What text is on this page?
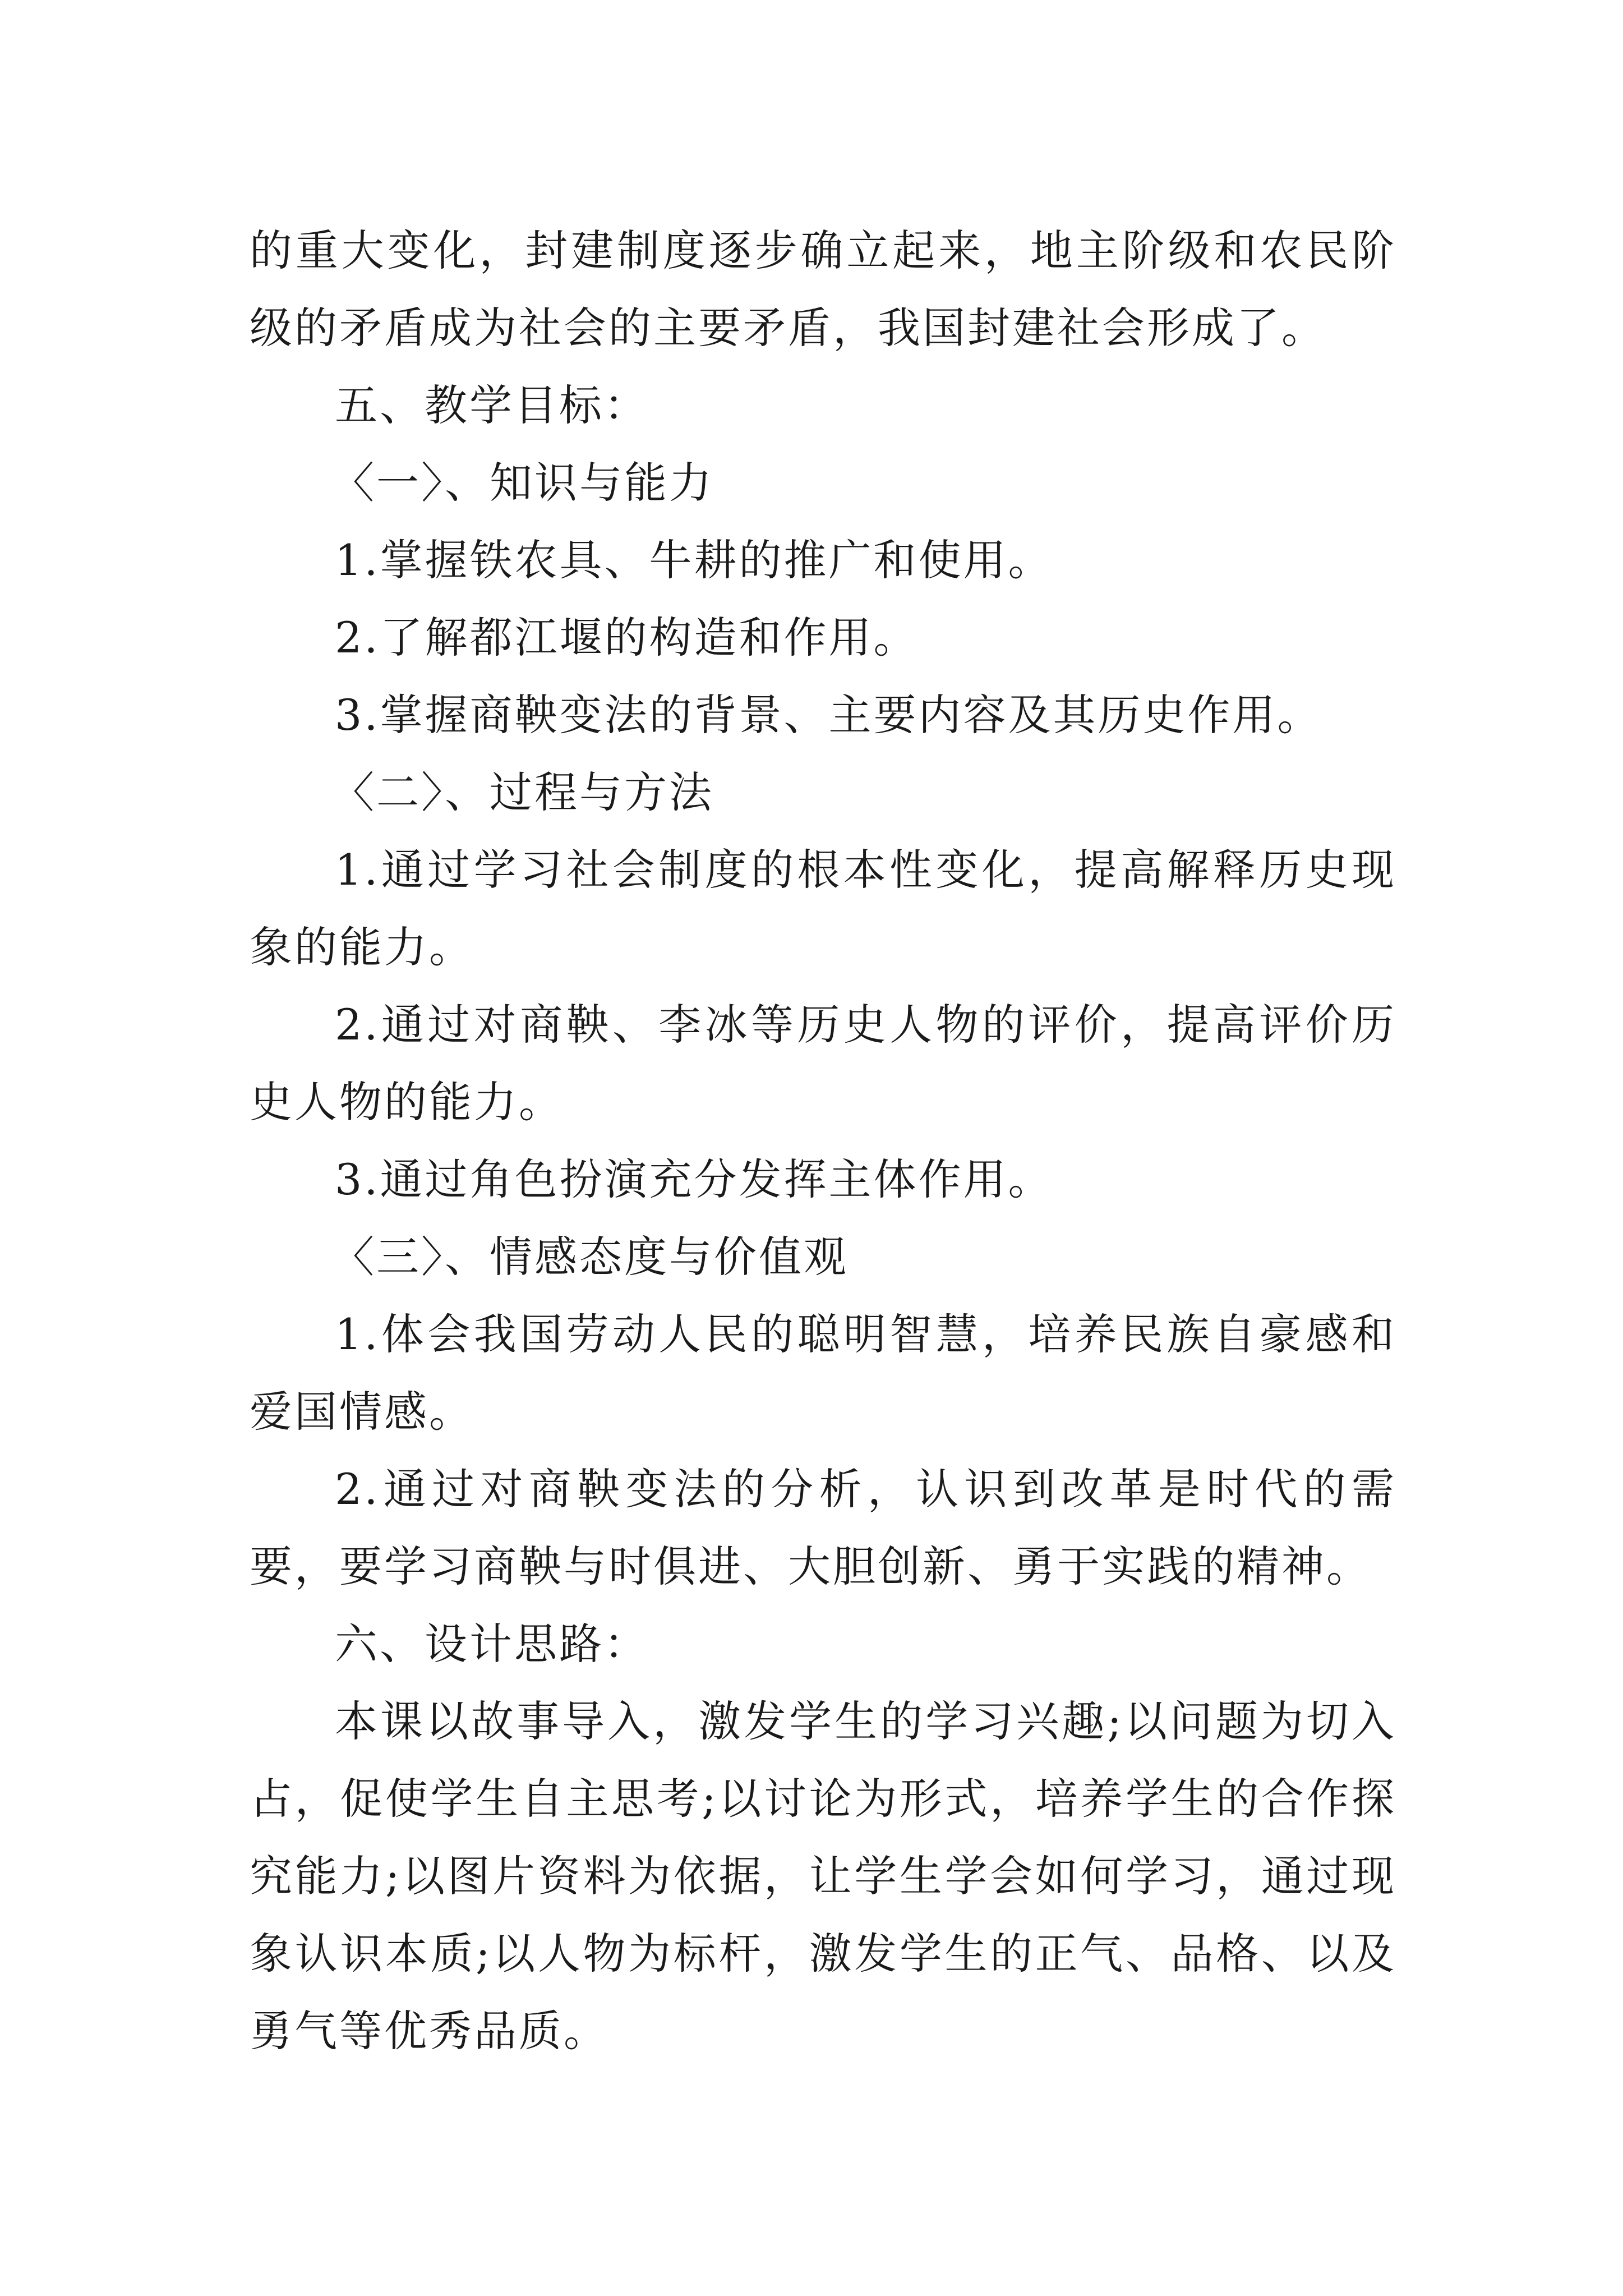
的重大变化，封建制度逐步确立起来，地主阶级和农民阶级的矛盾成为社会的主要矛盾，我国封建社会形成了。

五、教学目标：

〈一〉、知识与能力

1.掌握铁农具、牛耕的推广和使用。

2.了解都江堰的构造和作用。

3.掌握商鞅变法的背景、主要内容及其历史作用。

〈二〉、过程与方法

1.通过学习社会制度的根本性变化，提高解释历史现象的能力。

2.通过对商鞅、李冰等历史人物的评价，提高评价历史人物的能力。

3.通过角色扮演充分发挥主体作用。

〈三〉、情感态度与价值观

1.体会我国劳动人民的聪明智慧，培养民族自豪感和爱国情感。

2.通过对商鞅变法的分析，认识到改革是时代的需要，要学习商鞅与时俱进、大胆创新、勇于实践的精神。

六、设计思路：

本课以故事导入，激发学生的学习兴趣;以问题为切入占，促使学生自主思考;以讨论为形式，培养学生的合作探究能力;以图片资料为依据，让学生学会如何学习，通过现象认识本质;以人物为标杆，激发学生的正气、品格、以及勇气等优秀品质。
